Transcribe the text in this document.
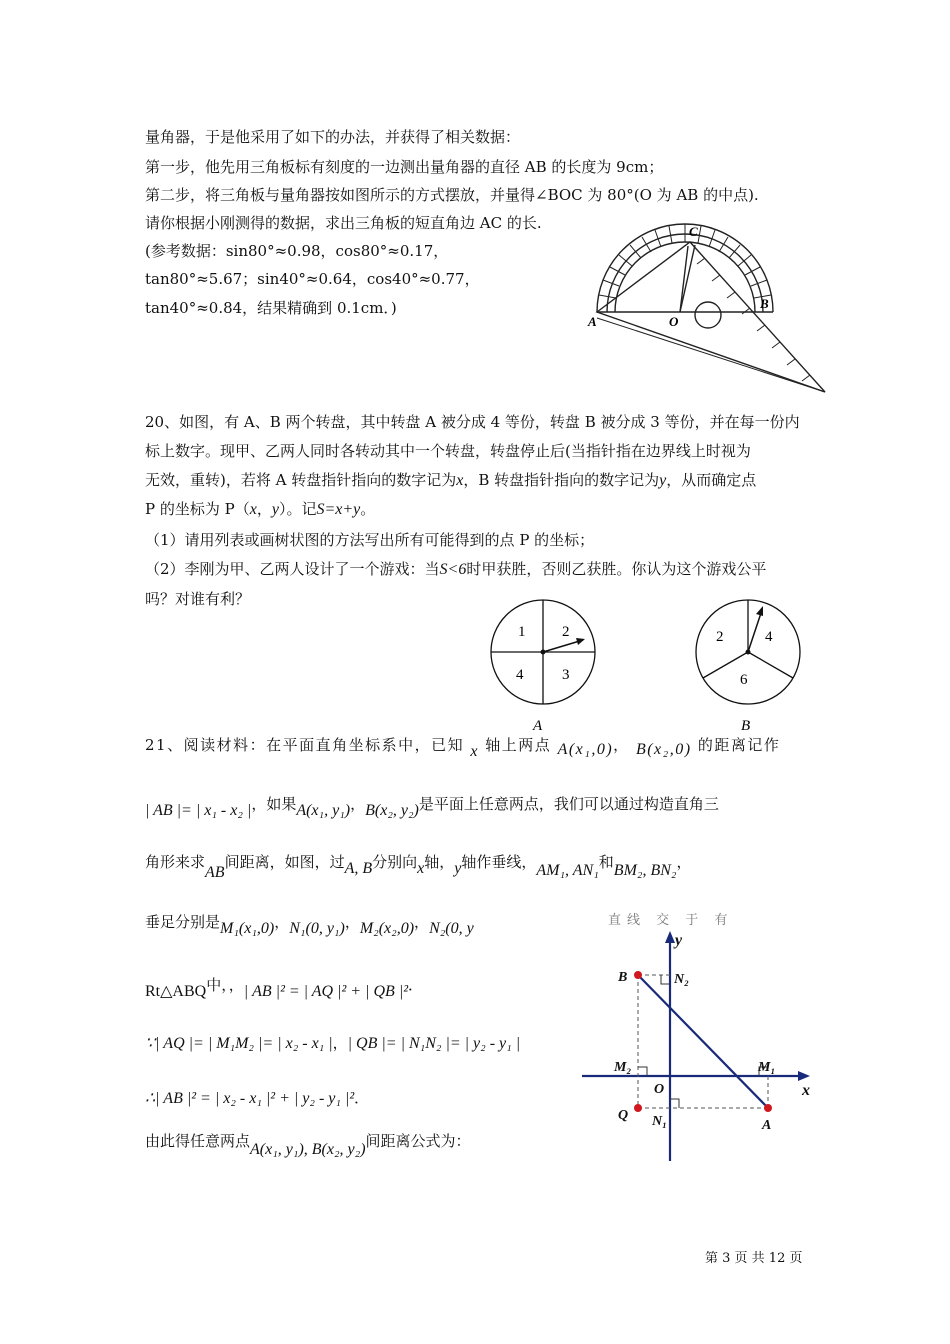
量角器，于是他采用了如下的办法，并获得了相关数据：
第一步，他先用三角板标有刻度的一边测出量角器的直径 AB 的长度为 9cm；
第二步，将三角板与量角器按如图所示的方式摆放，并量得∠BOC 为 80°(O 为 AB 的中点).
请你根据小刚测得的数据，求出三角板的短直角边 AC 的长.
(参考数据：sin80°≈0.98，cos80°≈0.17，
tan80°≈5.67；sin40°≈0.64，cos40°≈0.77，
tan40°≈0.84，结果精确到 0.1cm．)
A
B
C
O
20、如图，有 A、B 两个转盘，其中转盘 A 被分成 4 等份，转盘 B 被分成 3 等份，并在每一份内
标上数字。现甲、乙两人同时各转动其中一个转盘，转盘停止后(当指针指在边界线上时视为
无效，重转)，若将 A 转盘指针指向的数字记为x，B 转盘指针指向的数字记为y，从而确定点
P 的坐标为 P（x，y）。记S=x+y。
（1）请用列表或画树状图的方法写出所有可能得到的点 P 的坐标；
（2）李刚为甲、乙两人设计了一个游戏：当S<6时甲获胜，否则乙获胜。你认为这个游戏公平
吗？对谁有利？
1 2
4	3
A
2	4
6
B
21、阅读材料：在平面直角坐标系中，已知 x 轴上两点 A(x₁,0)， B(x₂,0) 的距离记作
| AB |= | x₁ - x₂ |，如果A(x₁, y₁)，B(x₂, y₂)是平面上任意两点，我们可以通过构造直角三
角形来求AB间距离，如图，过A, B分别向x轴，y轴作垂线，AM₁, AN₁和BM₂, BN₂，
垂足分别是M₁(x₁,0)，N₁(0, y₁)，M₂(x₂,0)，N₂(0, y	直线 交 于 有
Rt△ABQ中，，| AB |² = | AQ |² + | QB |²．
∵| AQ |= | M₁M₂ |= | x₂ - x₁ |，| QB |= | N₁N₂ |= | y₂ - y₁ |
∴| AB |² = | x₂ - x₁ |² + | y₂ - y₁ |²．
由此得任意两点A(x₁, y₁), B(x₂, y₂)间距离公式为：
y
x
B	N₂
M₂
O
M₁
Q N₁	A
第 3 页 共 12 页
